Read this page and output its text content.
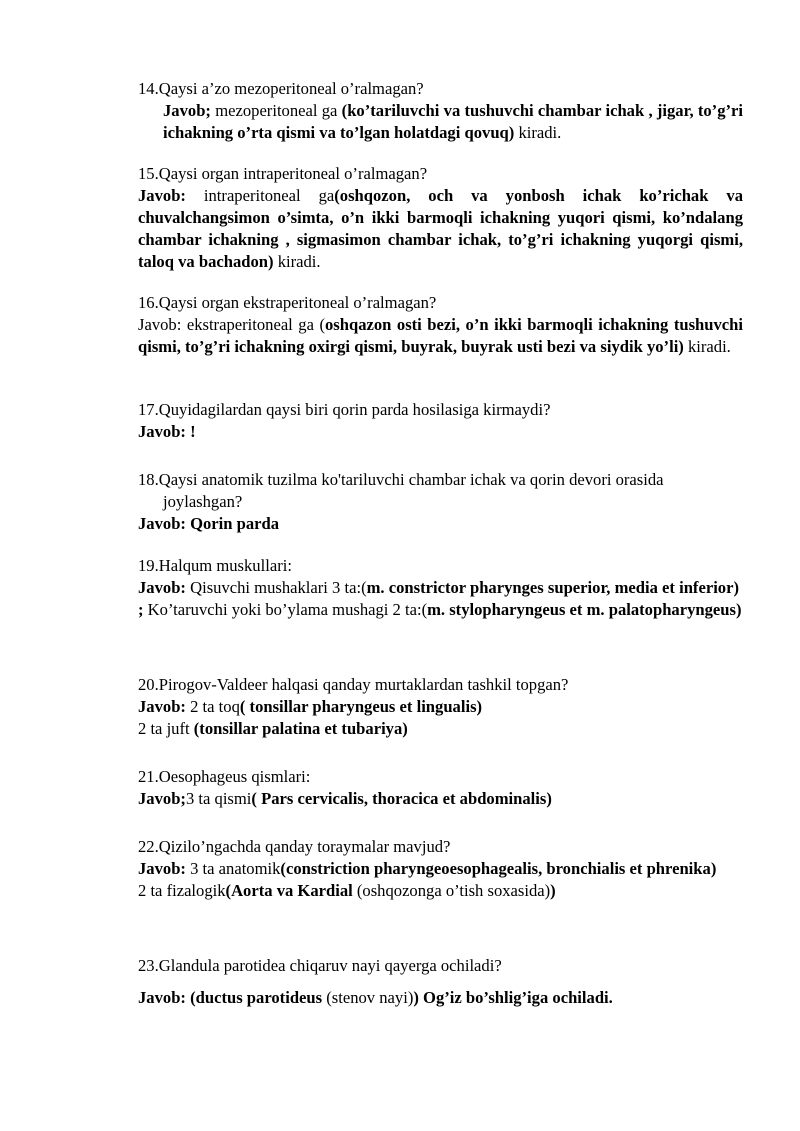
14.Qaysi a’zo mezoperitoneal o’ralmagan?

Javob; mezoperitoneal ga (ko’tariluvchi va tushuvchi chambar ichak , jigar, to’g’ri ichakning o’rta qismi va to’lgan holatdagi qovuq) kiradi.

15.Qaysi organ intraperitoneal o’ralmagan?

Javob: intraperitoneal ga(oshqozon, och va yonbosh ichak ko’richak va chuvalchangsimon o’simta, o’n ikki barmoqli ichakning yuqori qismi, ko’ndalang chambar ichakning , sigmasimon chambar ichak, to’g’ri ichakning yuqorgi qismi, taloq va bachadon) kiradi.

16.Qaysi organ ekstraperitoneal o’ralmagan?

Javob: ekstraperitoneal ga (oshqazon osti bezi, o’n ikki barmoqli ichakning tushuvchi qismi, to’g’ri ichakning oxirgi qismi, buyrak, buyrak usti bezi va siydik yo’li) kiradi.

17.Quyidagilardan qaysi biri qorin parda hosilasiga kirmaydi?

Javob: !

18.Qaysi anatomik tuzilma ko'tariluvchi chambar ichak va qorin devori orasida joylashgan?

Javob: Qorin parda

19.Halqum muskullari:

Javob: Qisuvchi mushaklari 3 ta:(m. constrictor pharynges superior, media et inferior) ; Ko’taruvchi yoki bo’ylama mushagi 2 ta:(m. stylopharyngeus et m. palatopharyngeus)

20.Pirogov-Valdeer halqasi qanday murtaklardan tashkil topgan?

Javob: 2 ta toq( tonsillar pharyngeus et lingualis)

2 ta juft (tonsillar palatina et tubariya)

21.Oesophageus qismlari:

Javob;3 ta qismi( Pars cervicalis, thoracica et abdominalis)

22.Qizilo’ngachda qanday toraymalar mavjud?

Javob: 3 ta anatomik(constriction pharyngeoesophagealis, bronchialis et phrenika)

2 ta fizalogik(Aorta va Kardial (oshqozonga o’tish soxasida))

23.Glandula parotidea chiqaruv nayi qayerga ochiladi?

Javob: (ductus parotideus (stenov nayi)) Og’iz bo’shlig’iga ochiladi.
